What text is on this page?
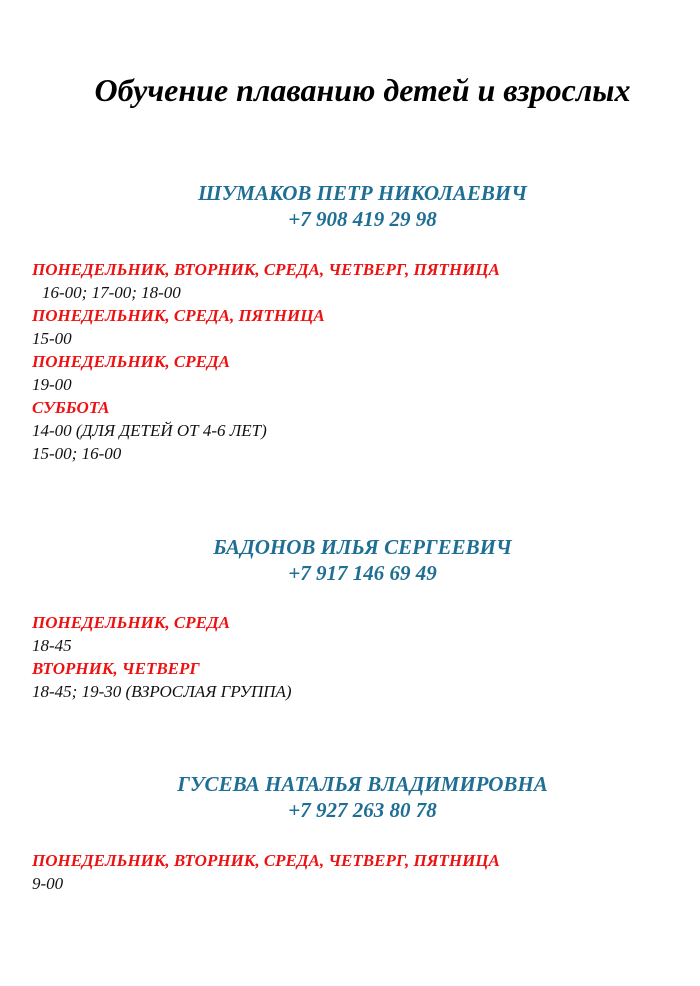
Обучение плаванию детей и взрослых
ШУМАКОВ ПЕТР НИКОЛАЕВИЧ
+7 908 419 29 98
ПОНЕДЕЛЬНИК, ВТОРНИК, СРЕДА, ЧЕТВЕРГ, ПЯТНИЦА
16-00; 17-00; 18-00
ПОНЕДЕЛЬНИК, СРЕДА, ПЯТНИЦА
15-00
ПОНЕДЕЛЬНИК, СРЕДА
19-00
СУББОТА
14-00 (ДЛЯ ДЕТЕЙ ОТ 4-6 ЛЕТ)
15-00; 16-00
БАДОНОВ ИЛЬЯ СЕРГЕЕВИЧ
+7 917 146 69 49
ПОНЕДЕЛЬНИК, СРЕДА
18-45
ВТОРНИК, ЧЕТВЕРГ
18-45; 19-30 (ВЗРОСЛАЯ ГРУППА)
ГУСЕВА НАТАЛЬЯ ВЛАДИМИРОВНА
+7 927 263 80 78
ПОНЕДЕЛЬНИК, ВТОРНИК, СРЕДА, ЧЕТВЕРГ, ПЯТНИЦА
9-00
